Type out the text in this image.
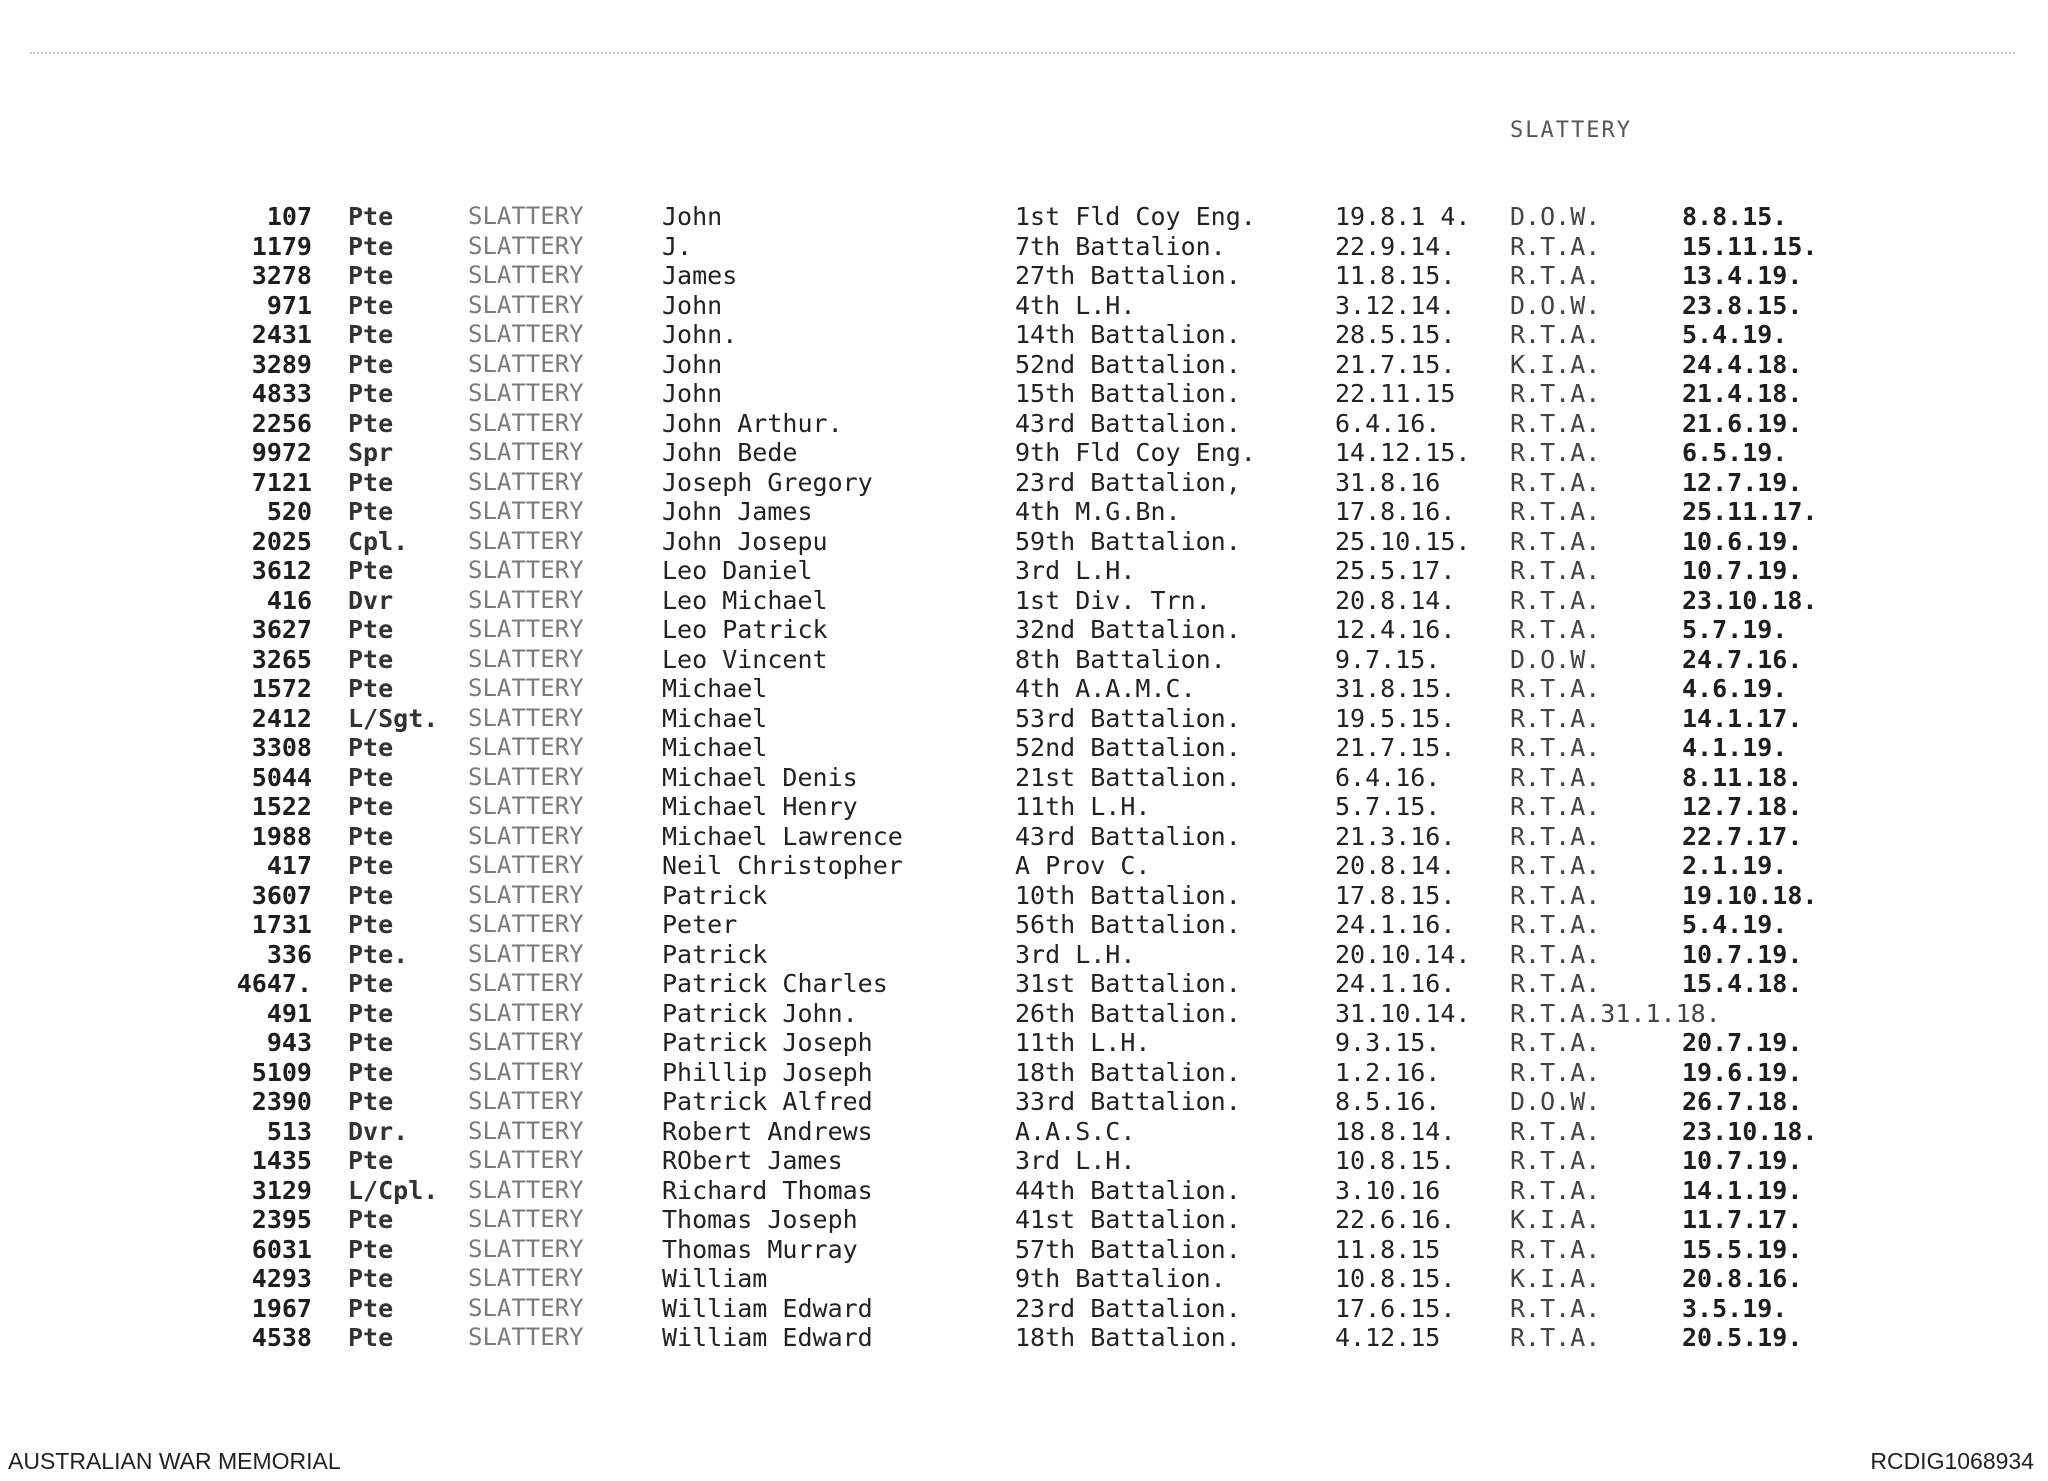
SLATTERY
107 Pte	SLATTERY	John	1st Fld Coy Eng.	19.8.1 4. D.O.W.	8.8.15.
1179 Pte	SLATTERY	J.	7th Battalion.	22.9.14. R.T.A.	15.11.15.
3278 Pte	SLATTERY	James	27th Battalion.	11.8.15. R.T.A.	13.4.19.
971 Pte	SLATTERY	John	4th L.H.	3.12.14. D.O.W.	23.8.15.
2431 Pte	SLATTERY	John.	14th Battalion.	28.5.15. R.T.A.	5.4.19.
3289 Pte	SLATTERY	John	52nd Battalion.	21.7.15. K.I.A.	24.4.18.
4833 Pte	SLATTERY	John	15th Battalion.	22.11.15 R.T.A.	21.4.18.
2256 Pte	SLATTERY	John Arthur.	43rd Battalion.	6.4.16.	R.T.A.	21.6.19.
9972 Spr	SLATTERY	John Bede	9th Fld Coy Eng.	14.12.15. R.T.A.	6.5.19.
7121 Pte	SLATTERY	Joseph Gregory	23rd Battalion,	31.8.16	R.T.A.	12.7.19.
520 Pte	SLATTERY	John James	4th M.G.Bn.	17.8.16. R.T.A.	25.11.17.
2025 Cpl. SLATTERY	John Josepu	59th Battalion.	25.10.15. R.T.A.	10.6.19.
3612 Pte	SLATTERY	Leo Daniel	3rd L.H.	25.5.17. R.T.A.	10.7.19.
416 Dvr	SLATTERY	Leo Michael	1st Div. Trn.	20.8.14. R.T.A.	23.10.18.
3627 Pte	SLATTERY	Leo Patrick	32nd Battalion.	12.4.16. R.T.A.	5.7.19.
3265 Pte	SLATTERY	Leo Vincent	8th Battalion.	9.7.15.	D.O.W.	24.7.16.
1572 Pte	SLATTERY	Michael	4th A.A.M.C.	31.8.15. R.T.A.	4.6.19.
2412 L/Sgt. SLATTERY	Michael	53rd Battalion.	19.5.15. R.T.A.	14.1.17.
3308 Pte	SLATTERY	Michael	52nd Battalion.	21.7.15. R.T.A.	4.1.19.
5044 Pte	SLATTERY	Michael Denis	21st Battalion.	6.4.16.	R.T.A.	8.11.18.
1522 Pte	SLATTERY	Michael Henry	11th L.H.	5.7.15.	R.T.A.	12.7.18.
1988 Pte	SLATTERY	Michael Lawrence	43rd Battalion.	21.3.16. R.T.A.	22.7.17.
417 Pte	SLATTERY	Neil Christopher	A Prov C.	20.8.14. R.T.A.	2.1.19.
3607 Pte	SLATTERY	Patrick	10th Battalion.	17.8.15. R.T.A.	19.10.18.
1731 Pte	SLATTERY	Peter	56th Battalion.	24.1.16. R.T.A.	5.4.19.
336 Pte. SLATTERY	Patrick	3rd L.H.	20.10.14. R.T.A.	10.7.19.
4647. Pte	SLATTERY	Patrick Charles	31st Battalion.	24.1.16. R.T.A.	15.4.18.
491 Pte	SLATTERY	Patrick John.	26th Battalion.	31.10.14. R.T.A.31.1.18.
943 Pte	SLATTERY	Patrick Joseph	11th L.H.	9.3.15.	R.T.A.	20.7.19.
5109 Pte	SLATTERY	Phillip Joseph	18th Battalion.	1.2.16.	R.T.A.	19.6.19.
2390 Pte	SLATTERY	Patrick Alfred	33rd Battalion.	8.5.16.	D.O.W.	26.7.18.
513 Dvr. SLATTERY	Robert Andrews	A.A.S.C.	18.8.14. R.T.A.	23.10.18.
1435 Pte	SLATTERY	RObert James	3rd L.H.	10.8.15. R.T.A.	10.7.19.
3129 L/Cpl. SLATTERY	Richard Thomas	44th Battalion.	3.10.16	R.T.A.	14.1.19.
2395 Pte	SLATTERY	Thomas Joseph	41st Battalion.	22.6.16. K.I.A.	11.7.17.
6031 Pte	SLATTERY	Thomas Murray	57th Battalion.	11.8.15	R.T.A.	15.5.19.
4293 Pte	SLATTERY	William	9th Battalion.	10.8.15. K.I.A.	20.8.16.
1967 Pte	SLATTERY	William Edward	23rd Battalion.	17.6.15. R.T.A.	3.5.19.
4538 Pte	SLATTERY	William Edward	18th Battalion.	4.12.15	R.T.A.	20.5.19.
AUSTRALIAN WAR MEMORIAL	RCDIG1068934
